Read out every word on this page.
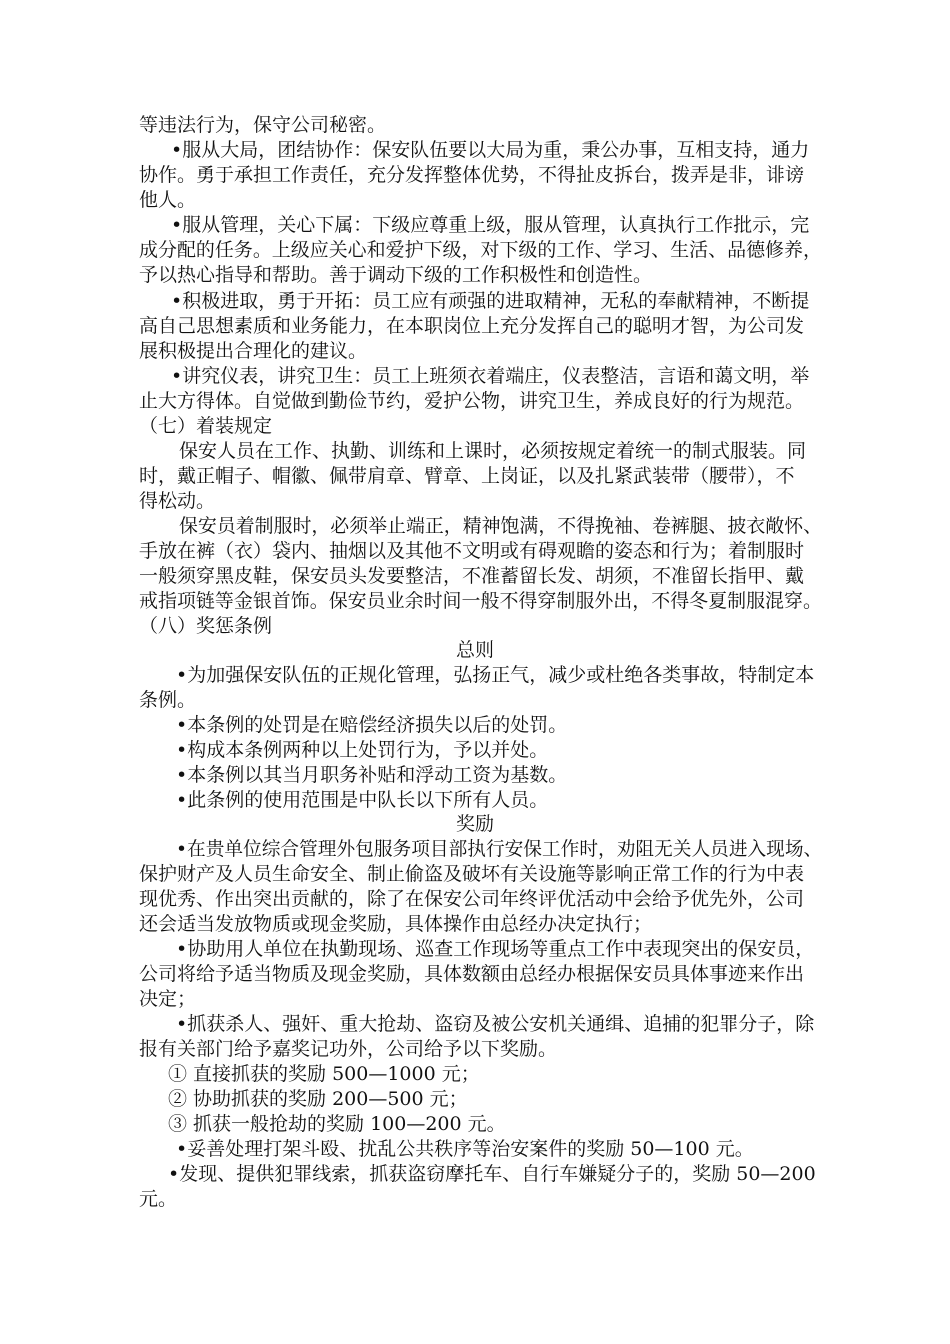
等违法行为，保守公司秘密。

•服从大局，团结协作：保安队伍要以大局为重，秉公办事，互相支持，通力

协作。勇于承担工作责任，充分发挥整体优势，不得扯皮拆台，拨弄是非，诽谤

他人。

•服从管理，关心下属：下级应尊重上级，服从管理，认真执行工作批示，完

成分配的任务。上级应关心和爱护下级，对下级的工作、学习、生活、品德修养，

予以热心指导和帮助。善于调动下级的工作积极性和创造性。

•积极进取，勇于开拓：员工应有顽强的进取精神，无私的奉献精神，不断提

高自己思想素质和业务能力，在本职岗位上充分发挥自己的聪明才智，为公司发

展积极提出合理化的建议。

•讲究仪表，讲究卫生：员工上班须衣着端庄，仪表整洁，言语和蔼文明，举

止大方得体。自觉做到勤俭节约，爱护公物，讲究卫生，养成良好的行为规范。

（七）着装规定

保安人员在工作、执勤、训练和上课时，必须按规定着统一的制式服装。同

时，戴正帽子、帽徽、佩带肩章、臂章、上岗证，以及扎紧武装带（腰带），不

得松动。

保安员着制服时，必须举止端正，精神饱满，不得挽袖、卷裤腿、披衣敞怀、

手放在裤（衣）袋内、抽烟以及其他不文明或有碍观瞻的姿态和行为；着制服时

一般须穿黑皮鞋，保安员头发要整洁，不准蓄留长发、胡须，不准留长指甲、戴

戒指项链等金银首饰。保安员业余时间一般不得穿制服外出，不得冬夏制服混穿。

（八）奖惩条例

总则

•为加强保安队伍的正规化管理，弘扬正气，减少或杜绝各类事故，特制定本

条例。

•本条例的处罚是在赔偿经济损失以后的处罚。

•构成本条例两种以上处罚行为，予以并处。

•本条例以其当月职务补贴和浮动工资为基数。

•此条例的使用范围是中队长以下所有人员。

奖励

•在贵单位综合管理外包服务项目部执行安保工作时，劝阻无关人员进入现场、

保护财产及人员生命安全、制止偷盗及破坏有关设施等影响正常工作的行为中表

现优秀、作出突出贡献的，除了在保安公司年终评优活动中会给予优先外，公司

还会适当发放物质或现金奖励，具体操作由总经办决定执行；

•协助用人单位在执勤现场、巡查工作现场等重点工作中表现突出的保安员，

公司将给予适当物质及现金奖励，具体数额由总经办根据保安员具体事迹来作出

决定；

•抓获杀人、强奸、重大抢劫、盗窃及被公安机关通缉、追捕的犯罪分子，除

报有关部门给予嘉奖记功外，公司给予以下奖励。

① 直接抓获的奖励 500—1000 元；

② 协助抓获的奖励 200—500 元；

③ 抓获一般抢劫的奖励 100—200 元。

•妥善处理打架斗殴、扰乱公共秩序等治安案件的奖励 50—100 元。

•发现、提供犯罪线索，抓获盗窃摩托车、自行车嫌疑分子的，奖励 50—200

元。
